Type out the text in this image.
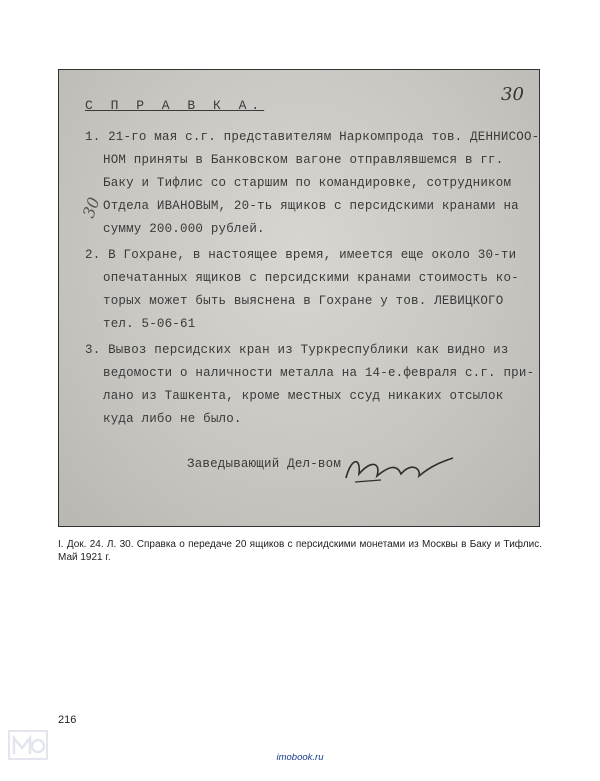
30
30
С П Р А В К А.
1. 21-го мая с.г. представителям Наркомпрода тов. ДЕННИСОО-
НОМ приняты в Банковском вагоне отправлявшемся в гг.
Баку и Тифлис со старшим по командировке, сотрудником
Отдела ИВАНОВЫМ, 20-ть ящиков с персидскими кранами на
сумму 200.000 рублей.
2. В Гохране, в настоящее время, имеется еще около 30-ти
опечатанных ящиков с персидскими кранами стоимость ко-
торых может быть выяснена в Гохране у тов. ЛЕВИЦКОГО
тел. 5-06-61
3. Вывоз персидских кран из Туркреспублики как видно из
ведомости о наличности металла на 14-е.февраля с.г. при-
лано из Ташкента, кроме местных ссуд никаких отсылок
куда либо не было.
Заведывающий Дел-вом
I. Док. 24. Л. 30. Справка о передаче 20 ящиков с персидскими монетами из Москвы в Баку и Тифлис. Май 1921 г.
216
imobook.ru
